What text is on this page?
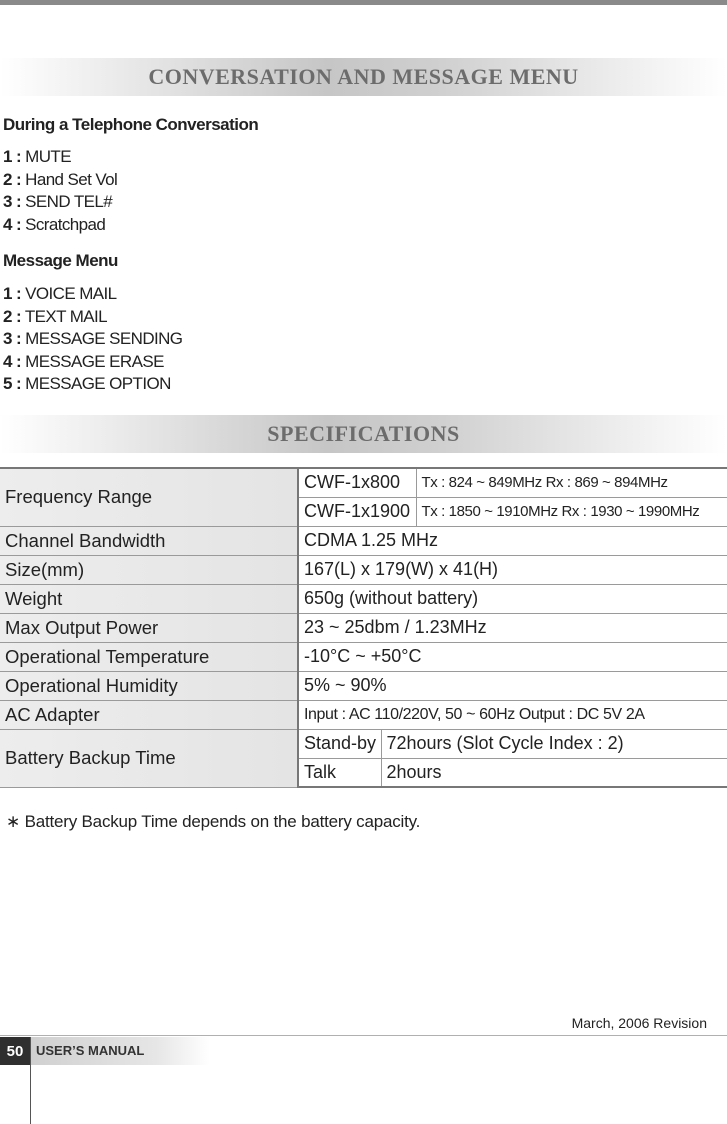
CONVERSATION AND MESSAGE MENU
During a Telephone Conversation
1 : MUTE
2 : Hand Set Vol
3 : SEND TEL#
4 : Scratchpad
Message Menu
1 : VOICE MAIL
2 : TEXT MAIL
3 : MESSAGE SENDING
4 : MESSAGE ERASE
5 : MESSAGE OPTION
SPECIFICATIONS
Frequency Range	CWF-1x800		Tx : 824 ~ 849MHz Rx : 869 ~ 894MHz
	CWF-1x1900		Tx : 1850 ~ 1910MHz Rx : 1930 ~ 1990MHz
Channel Bandwidth	CDMA 1.25 MHz		
Size(mm)	167(L) x 179(W) x 41(H)		
Weight	650g (without battery)		
Max Output Power	23 ~ 25dbm / 1.23MHz		
Operational Temperature	-10°C ~ +50°C		
Operational Humidity	5% ~ 90%		
AC Adapter	Input : AC 110/220V, 50 ~ 60Hz Output : DC 5V 2A		
Battery Backup Time	Stand-by	72hours (Slot Cycle Index : 2)	
	Talk	2hours	
∗ Battery Backup Time depends on the battery capacity.
March, 2006 Revision
50 USER’S MANUAL
